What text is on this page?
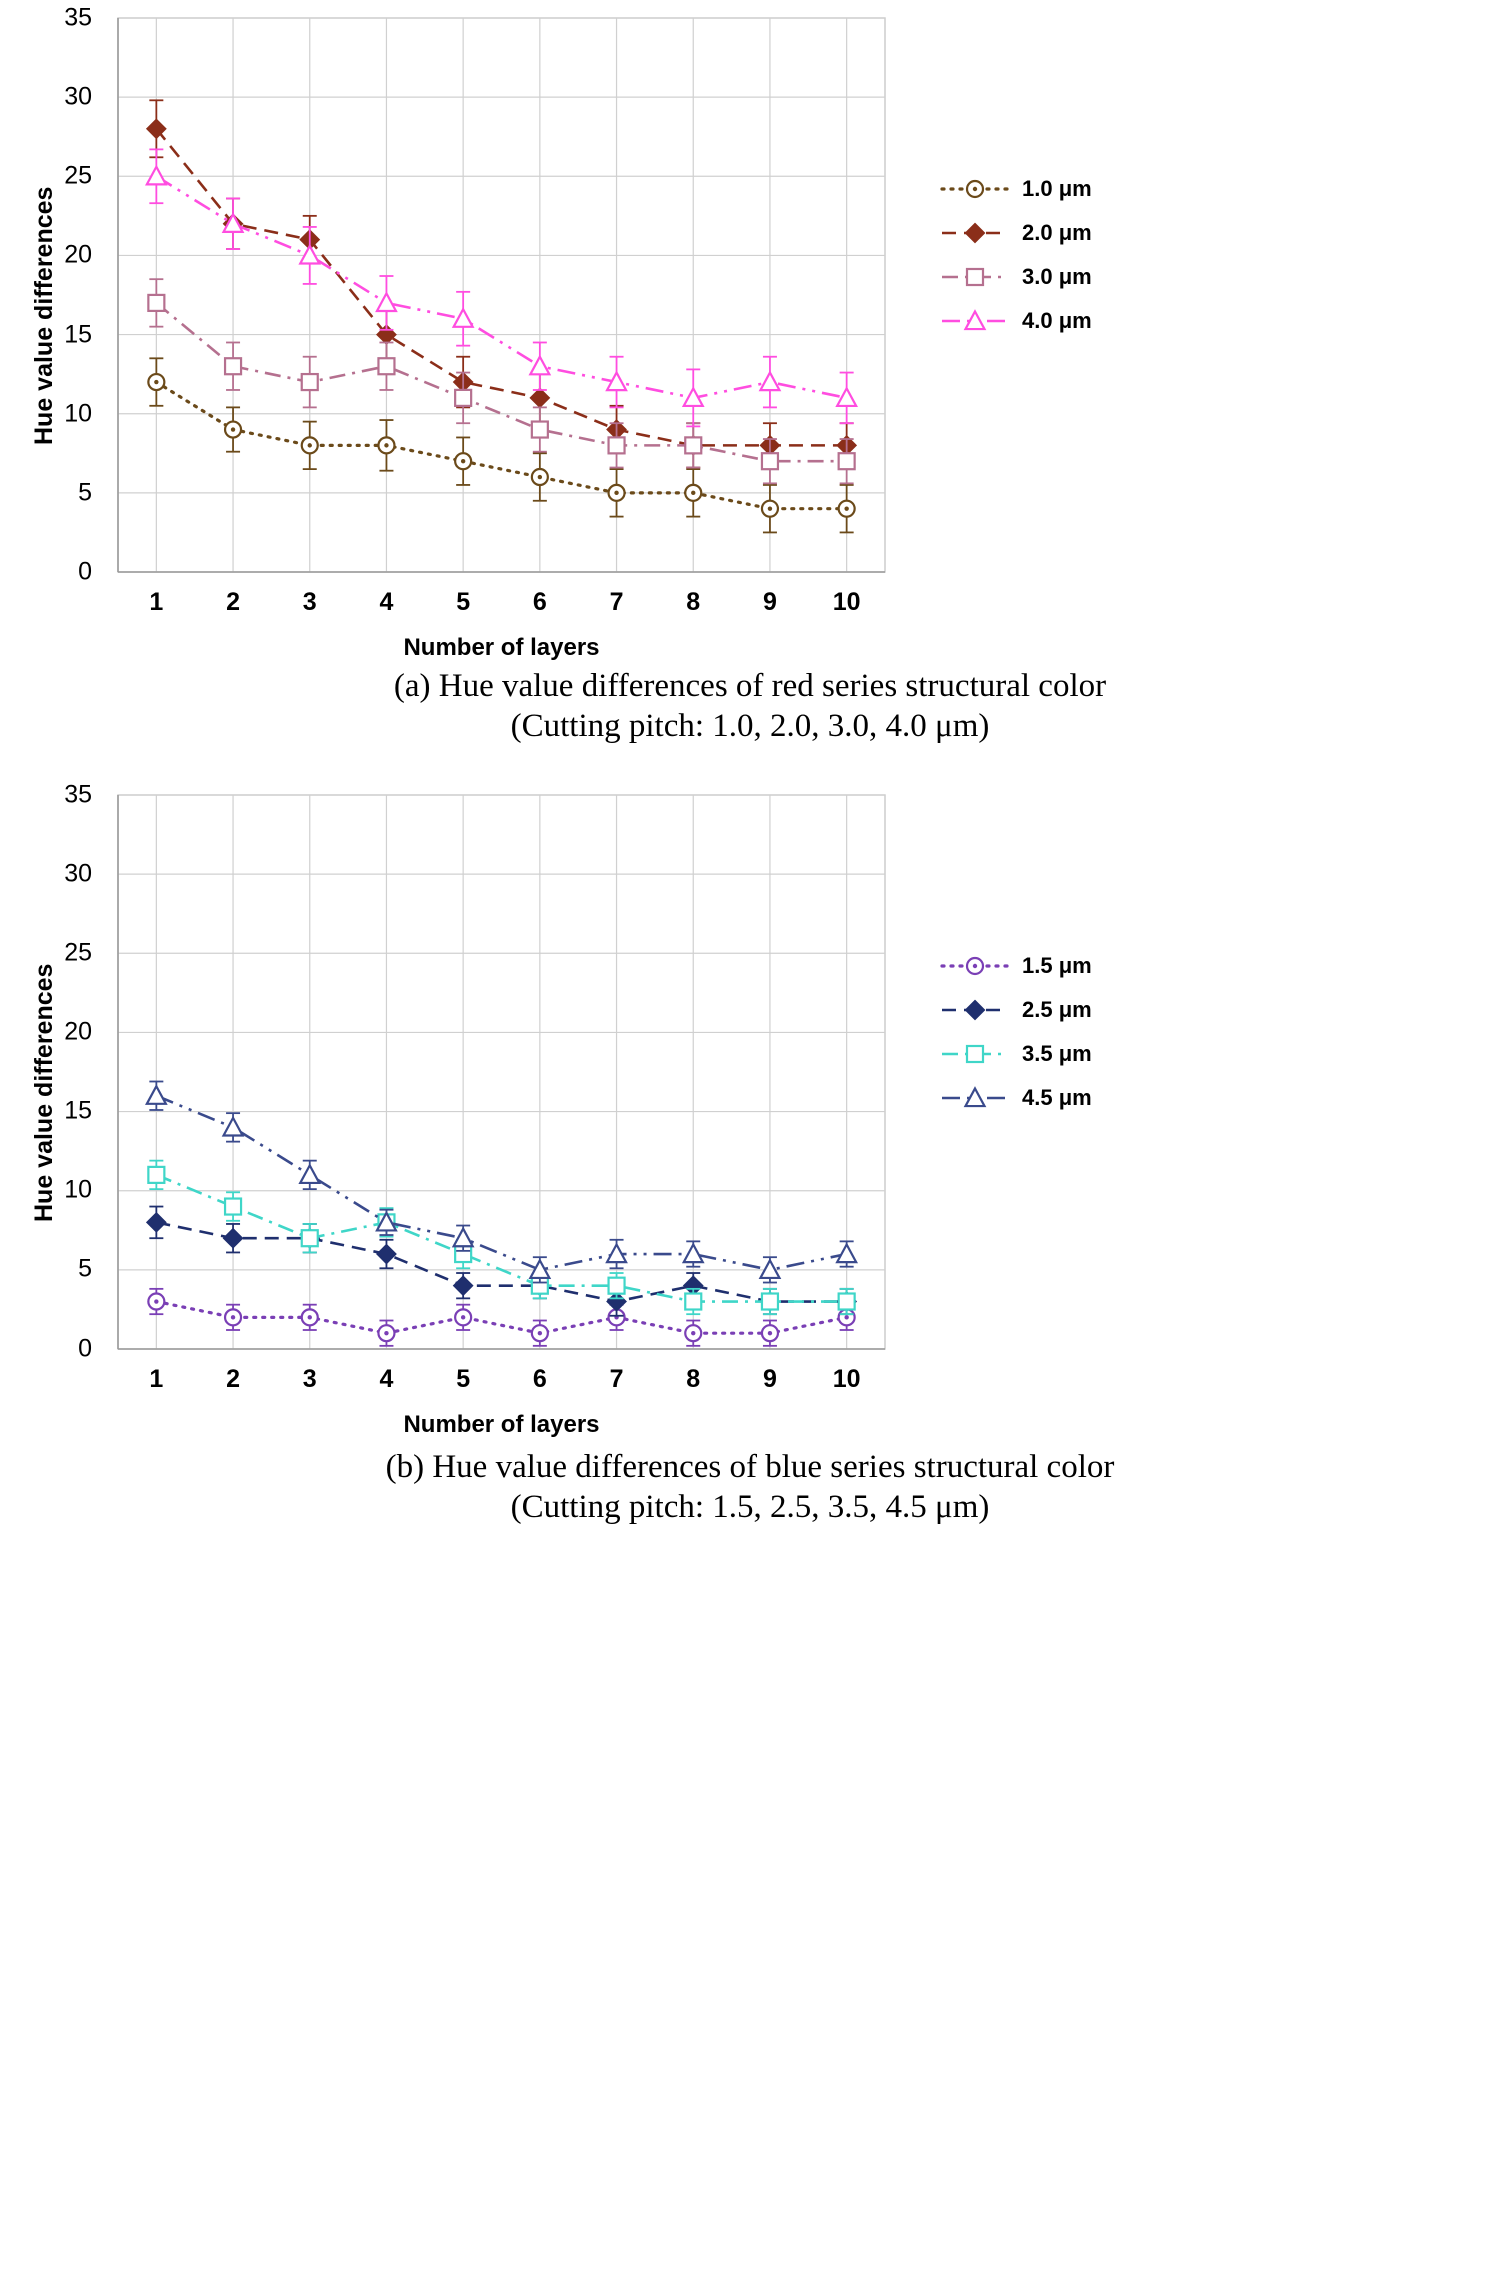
0
5
10
15
20
25
30
35
1	2	3	4	5	6	7	8	9 10
Number of layers
Hue value differences	1.0 μm
2.0 μm
3.0 μm
4.0 μm
(a) Hue value differences of red series structural color
(Cutting pitch: 1.0, 2.0, 3.0, 4.0 μm)
0
5
10
15
20
25
30
35
1	2	3	4	5	6	7	8	9 10
Number of layers
Hue value differences	1.5 μm
2.5 μm
3.5 μm
4.5 μm
(b) Hue value differences of blue series structural color
(Cutting pitch: 1.5, 2.5, 3.5, 4.5 μm)
